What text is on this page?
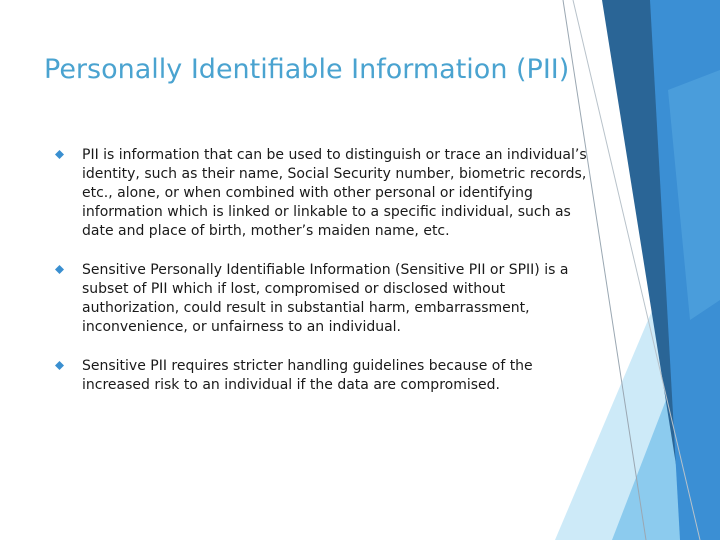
Personally Identifiable Information (PII)
PII is information that can be used to distinguish or trace an individual’s identity, such as their name, Social Security number, biometric records, etc., alone, or when combined with other personal or identifying information which is linked or linkable to a specific individual, such as date and place of birth, mother’s maiden name, etc.
Sensitive Personally Identifiable Information (Sensitive PII or SPII) is a subset of PII which if lost, compromised or disclosed without authorization, could result in substantial harm, embarrassment, inconvenience, or unfairness to an individual.
Sensitive PII requires stricter handling guidelines because of the increased risk to an individual if the data are compromised.
